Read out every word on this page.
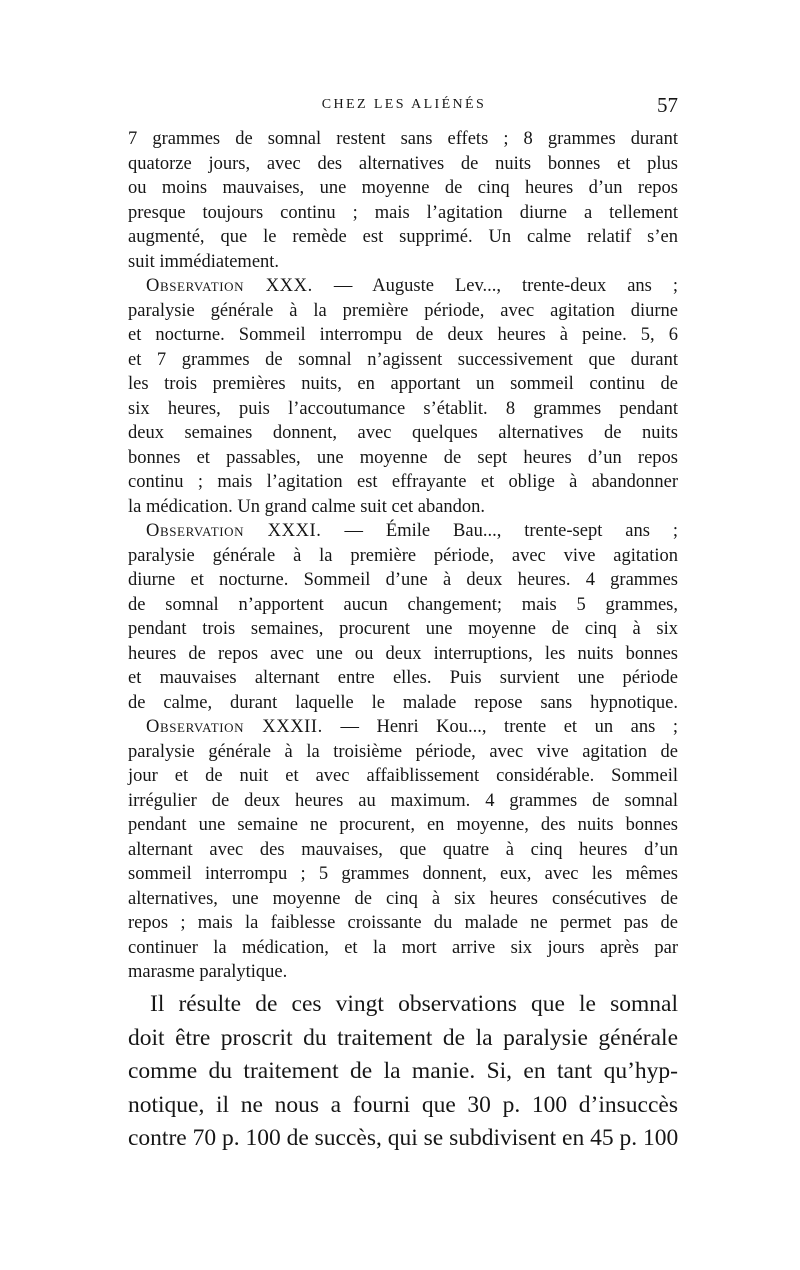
CHEZ LES ALIÉNÉS	57
7 grammes de somnal restent sans effets ; 8 grammes durant
quatorze jours, avec des alternatives de nuits bonnes et plus
ou moins mauvaises, une moyenne de cinq heures d’un repos
presque toujours continu ; mais l’agitation diurne a tellement
augmenté, que le remède est supprimé. Un calme relatif s’en
suit immédiatement.
Observation XXX. — Auguste Lev..., trente-deux ans ;
paralysie générale à la première période, avec agitation diurne
et nocturne. Sommeil interrompu de deux heures à peine. 5, 6
et 7 grammes de somnal n’agissent successivement que durant
les trois premières nuits, en apportant un sommeil continu de
six heures, puis l’accoutumance s’établit. 8 grammes pendant
deux semaines donnent, avec quelques alternatives de nuits
bonnes et passables, une moyenne de sept heures d’un repos
continu ; mais l’agitation est effrayante et oblige à abandonner
la médication. Un grand calme suit cet abandon.
Observation XXXI. — Émile Bau..., trente-sept ans ;
paralysie générale à la première période, avec vive agitation
diurne et nocturne. Sommeil d’une à deux heures. 4 grammes
de somnal n’apportent aucun changement; mais 5 grammes,
pendant trois semaines, procurent une moyenne de cinq à six
heures de repos avec une ou deux interruptions, les nuits bonnes
et mauvaises alternant entre elles. Puis survient une période
de calme, durant laquelle le malade repose sans hypnotique.
Observation XXXII. — Henri Kou..., trente et un ans ;
paralysie générale à la troisième période, avec vive agitation de
jour et de nuit et avec affaiblissement considérable. Sommeil
irrégulier de deux heures au maximum. 4 grammes de somnal
pendant une semaine ne procurent, en moyenne, des nuits bonnes
alternant avec des mauvaises, que quatre à cinq heures d’un
sommeil interrompu ; 5 grammes donnent, eux, avec les mêmes
alternatives, une moyenne de cinq à six heures consécutives de
repos ; mais la faiblesse croissante du malade ne permet pas de
continuer la médication, et la mort arrive six jours après par
marasme paralytique.
Il résulte de ces vingt observations que le somnal
doit être proscrit du traitement de la paralysie générale
comme du traitement de la manie. Si, en tant qu’hyp-
notique, il ne nous a fourni que 30 p. 100 d’insuccès
contre 70 p. 100 de succès, qui se subdivisent en 45 p. 100
